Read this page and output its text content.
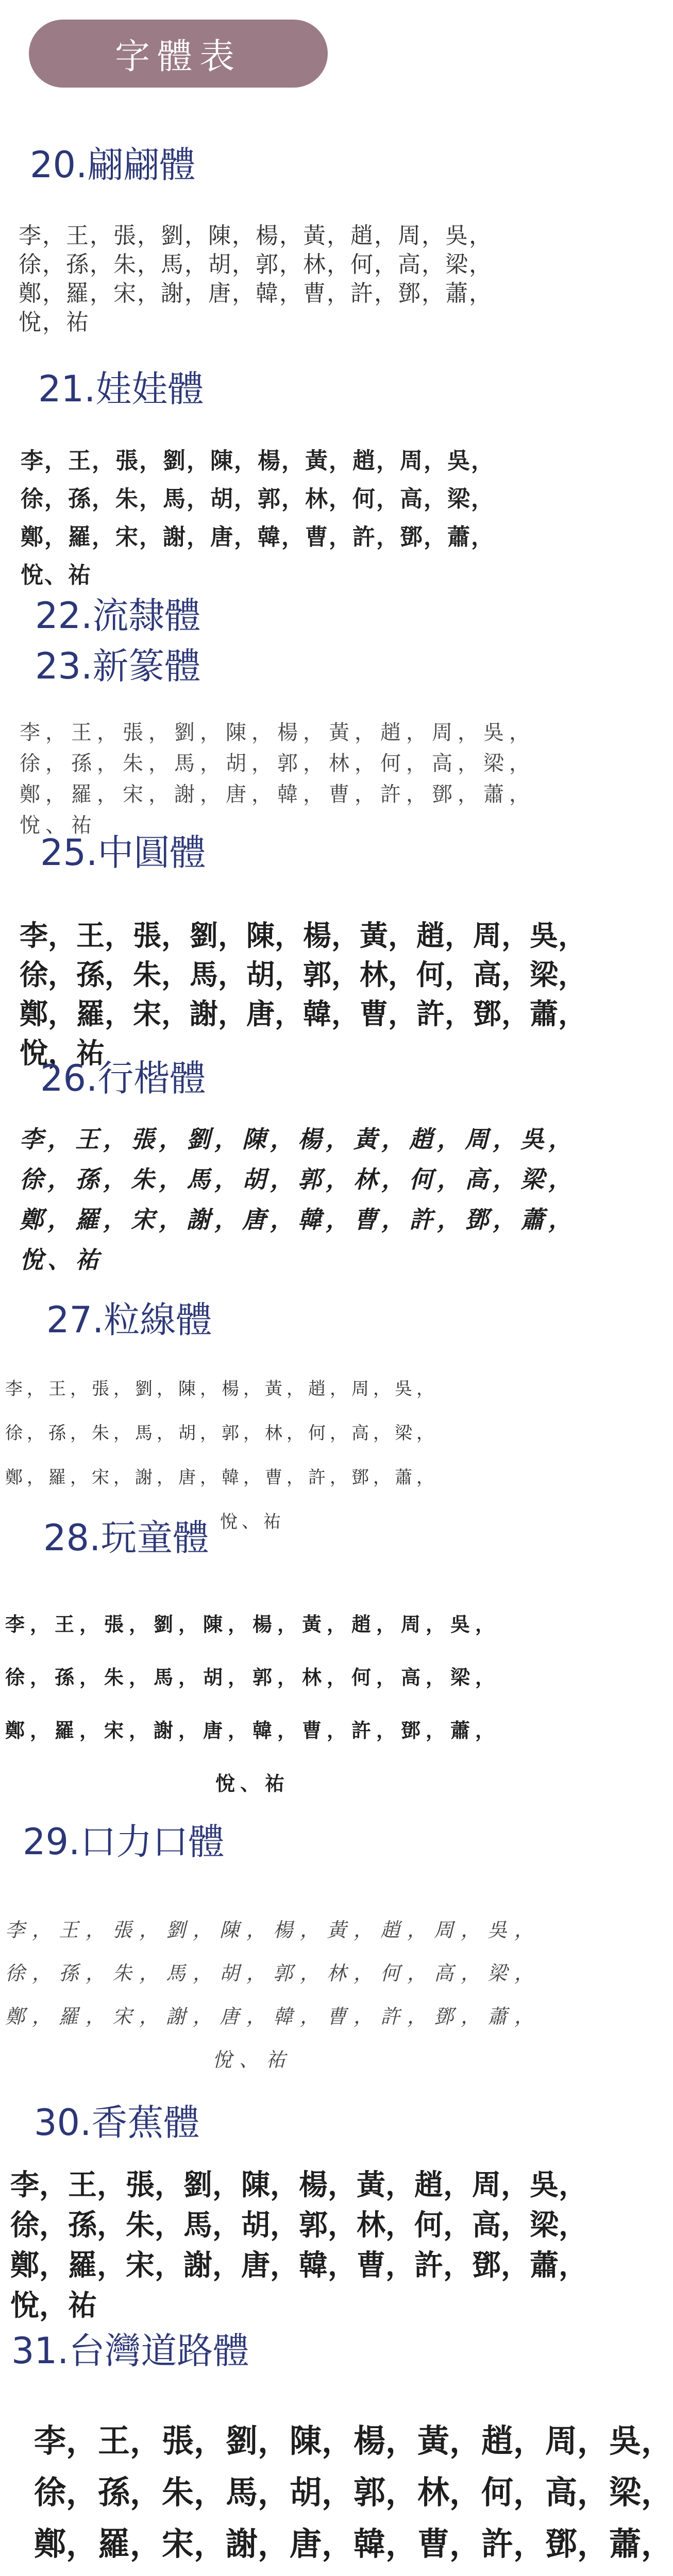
字體表
20.翩翩體
李，王，張，劉，陳，楊，黃，趙，周，吳，
徐，孫，朱，馬，胡，郭，林，何，高，梁，
鄭，羅，宋，謝，唐，韓，曹，許，鄧，蕭，
悅，祐
21.娃娃體
李，王，張，劉，陳，楊，黃，趙，周，吳，
徐，孫，朱，馬，胡，郭，林，何，高，梁，
鄭，羅，宋，謝，唐，韓，曹，許，鄧，蕭，
悅、祐
22.流隸體
23.新篆體
李，王，張，劉，陳，楊，黃，趙，周，吳，
徐，孫，朱，馬，胡，郭，林，何，高，梁，
鄭，羅，宋，謝，唐，韓，曹，許，鄧，蕭，
悅、祐
25.中圓體
李，王，張，劉，陳，楊，黃，趙，周，吳，
徐，孫，朱，馬，胡，郭，林，何，高，梁，
鄭，羅，宋，謝，唐，韓，曹，許，鄧，蕭，
悅，祐
26.行楷體
李，王，張，劉，陳，楊，黃，趙，周，吳，
徐，孫，朱，馬，胡，郭，林，何，高，梁，
鄭，羅，宋，謝，唐，韓，曹，許，鄧，蕭，
悅、祐
27.粒線體
李，王，張，劉，陳，楊，黃，趙，周，吳，
徐，孫，朱，馬，胡，郭，林，何，高，梁，
鄭，羅，宋，謝，唐，韓，曹，許，鄧，蕭，
悅、祐
28.玩童體
李，王，張，劉，陳，楊，黃，趙，周，吳，
徐，孫，朱，馬，胡，郭，林，何，高，梁，
鄭，羅，宋，謝，唐，韓，曹，許，鄧，蕭，
悅、祐
29.口力口體
李，王，張，劉，陳，楊，黃，趙，周，吳，
徐，孫，朱，馬，胡，郭，林，何，高，梁，
鄭，羅，宋，謝，唐，韓，曹，許，鄧，蕭，
悅、祐
30.香蕉體
李，王，張，劉，陳，楊，黃，趙，周，吳，
徐，孫，朱，馬，胡，郭，林，何，高，梁，
鄭，羅，宋，謝，唐，韓，曹，許，鄧，蕭，
悅，祐
31.台灣道路體
李，王，張，劉，陳，楊，黃，趙，周，吳，
徐，孫，朱，馬，胡，郭，林，何，高，梁，
鄭，羅，宋，謝，唐，韓，曹，許，鄧，蕭，
